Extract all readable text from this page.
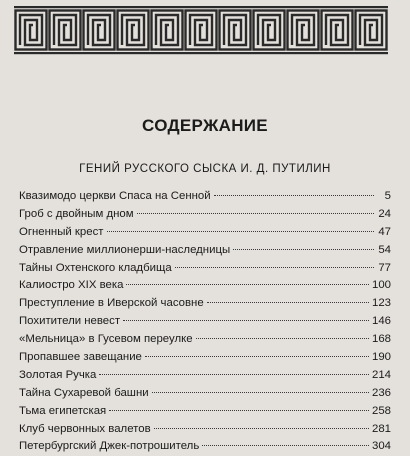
СОДЕРЖАНИЕ
ГЕНИЙ РУССКОГО СЫСКА И. Д. ПУТИЛИН
Квазимодо церкви Спаса на Сенной	5
Гроб с двойным дном	24
Огненный крест	47
Отравление миллионерши-наследницы	54
Тайны Охтенского кладбища	77
Калиостро XIX века	100
Преступление в Иверской часовне	123
Похитители невест	146
«Мельница» в Гусевом переулке	168
Пропавшее завещание	190
Золотая Ручка	214
Тайна Сухаревой башни	236
Тьма египетская	258
Клуб червонных валетов	281
Петербургский Джек-потрошитель	304
